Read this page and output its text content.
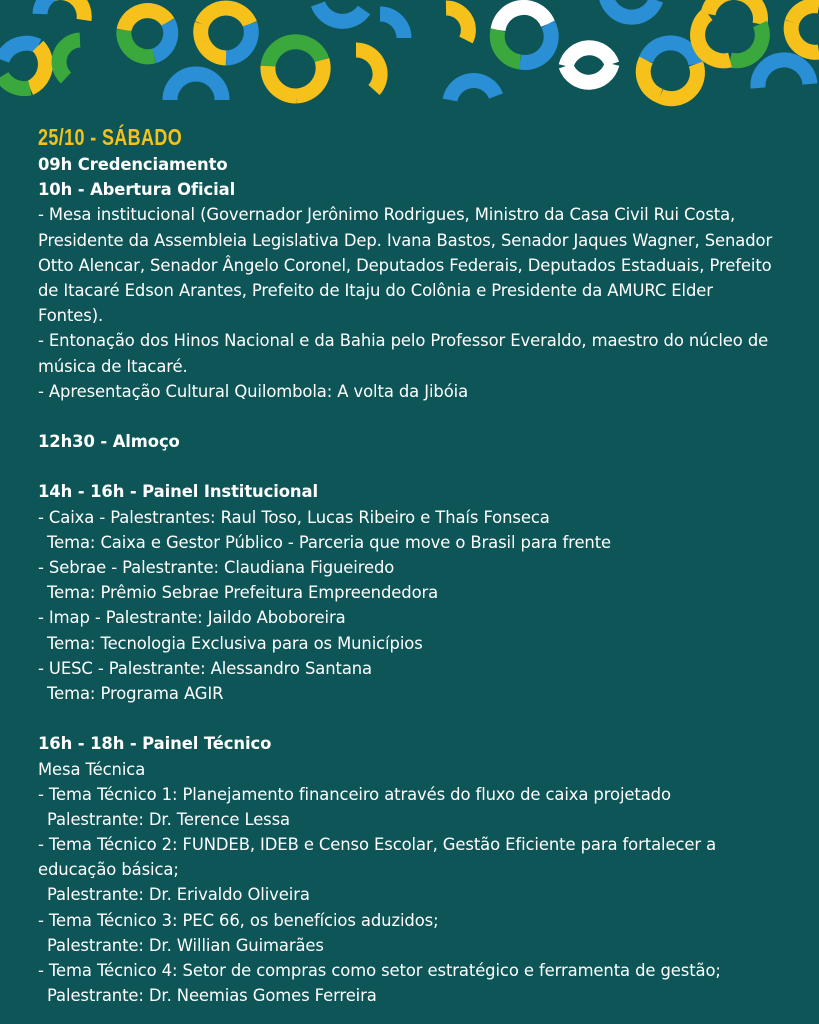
25/10 - SÁBADO
09h Credenciamento
10h - Abertura Oficial
- Mesa institucional (Governador Jerônimo Rodrigues, Ministro da Casa Civil Rui Costa,
Presidente da Assembleia Legislativa Dep. Ivana Bastos, Senador Jaques Wagner, Senador
Otto Alencar, Senador Ângelo Coronel, Deputados Federais, Deputados Estaduais, Prefeito
de Itacaré Edson Arantes, Prefeito de Itaju do Colônia e Presidente da AMURC Elder
Fontes).
- Entonação dos Hinos Nacional e da Bahia pelo Professor Everaldo, maestro do núcleo de
música de Itacaré.
- Apresentação Cultural Quilombola: A volta da Jibóia
12h30 - Almoço
14h - 16h - Painel Institucional
- Caixa - Palestrantes: Raul Toso, Lucas Ribeiro e Thaís Fonseca
Tema: Caixa e Gestor Público - Parceria que move o Brasil para frente
- Sebrae - Palestrante: Claudiana Figueiredo
Tema: Prêmio Sebrae Prefeitura Empreendedora
- Imap - Palestrante: Jaildo Aboboreira
Tema: Tecnologia Exclusiva para os Municípios
- UESC - Palestrante: Alessandro Santana
Tema: Programa AGIR
16h - 18h - Painel Técnico
Mesa Técnica
- Tema Técnico 1: Planejamento financeiro através do fluxo de caixa projetado
Palestrante: Dr. Terence Lessa
- Tema Técnico 2: FUNDEB, IDEB e Censo Escolar, Gestão Eficiente para fortalecer a
educação básica;
Palestrante: Dr. Erivaldo Oliveira
- Tema Técnico 3: PEC 66, os benefícios aduzidos;
Palestrante: Dr. Willian Guimarães
- Tema Técnico 4: Setor de compras como setor estratégico e ferramenta de gestão;
Palestrante: Dr. Neemias Gomes Ferreira
